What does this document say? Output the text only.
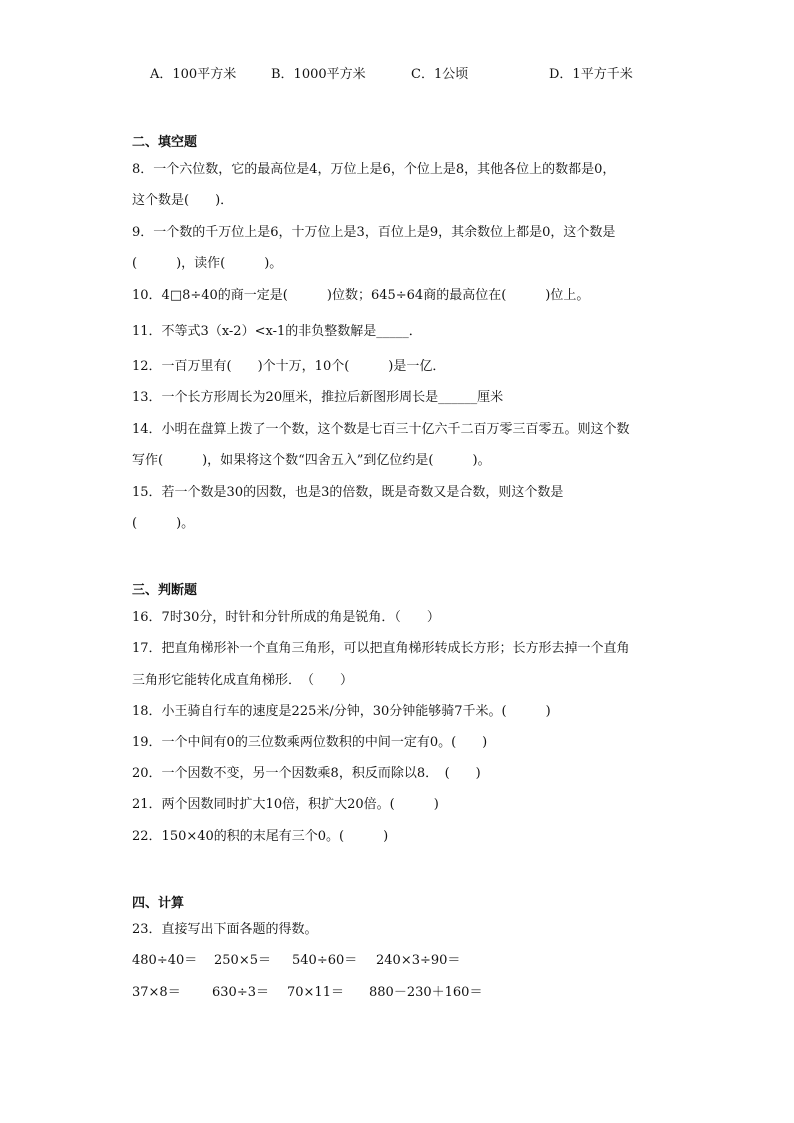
A．100平方米	B．1000平方米	C．1公顷	D．1平方千米
二、填空题
8．一个六位数，它的最高位是4，万位上是6，个位上是8，其他各位上的数都是0，
这个数是(　　)．
9．一个数的千万位上是6，十万位上是3，百位上是9，其余数位上都是0，这个数是
(　　　)，读作(　　　)。
10．4□8÷40的商一定是(　　　)位数；645÷64商的最高位在(　　　)位上。
11．不等式3（x-2）<x-1的非负整数解是_____．
12．一百万里有(　　)个十万，10个(　　　)是一亿．
13．一个长方形周长为20厘米，推拉后新图形周长是______厘米
14．小明在盘算上拨了一个数，这个数是七百三十亿六千二百万零三百零五。则这个数
写作(　　　)，如果将这个数“四舍五入”到亿位约是(　　　)。
15．若一个数是30的因数，也是3的倍数，既是奇数又是合数，则这个数是
(　　　)。
三、判断题
16．7时30分，时针和分针所成的角是锐角．（　　）
17．把直角梯形补一个直角三角形，可以把直角梯形转成长方形；长方形去掉一个直角
三角形它能转化成直角梯形．　（　　）
18．小王骑自行车的速度是225米/分钟，30分钟能够骑7千米。(　　　)
19．一个中间有0的三位数乘两位数积的中间一定有0。(　　)
20．一个因数不变，另一个因数乘8，积反而除以8．　(　　)
21．两个因数同时扩大10倍，积扩大20倍。(　　　)
22．150×40的积的末尾有三个0。(　　　)
四、计算
23．直接写出下面各题的得数。
480÷40＝ 250×5＝ 540÷60＝ 240×3÷90＝
37×8＝ 630÷3＝ 70×11＝ 880－230＋160＝
